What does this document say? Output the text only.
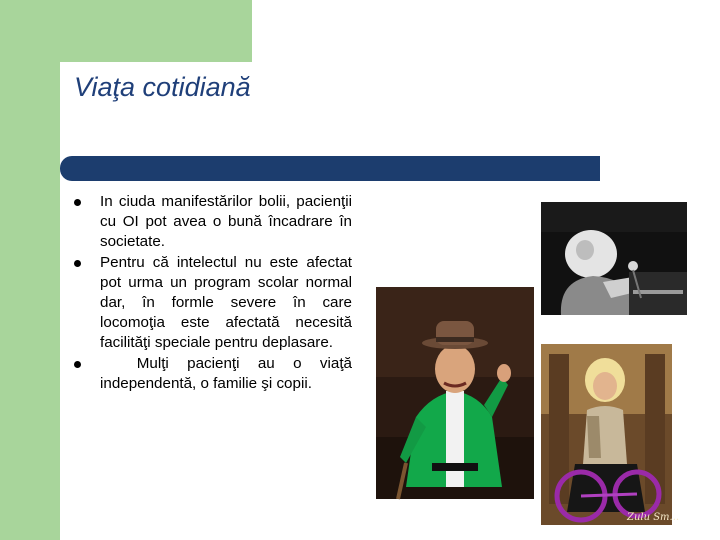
Viaţa cotidiană
In ciuda manifestărilor bolii, pacienţii cu OI pot avea o bună încadrare în societate.
Pentru că intelectul nu este afectat pot urma un program scolar normal dar, în formle severe în care locomoţia este afectată necesită facilităţi speciale pentru deplasare.
Mulţi pacienţi au o viaţă independentă, o familie şi copii.
Zulu Sm...
